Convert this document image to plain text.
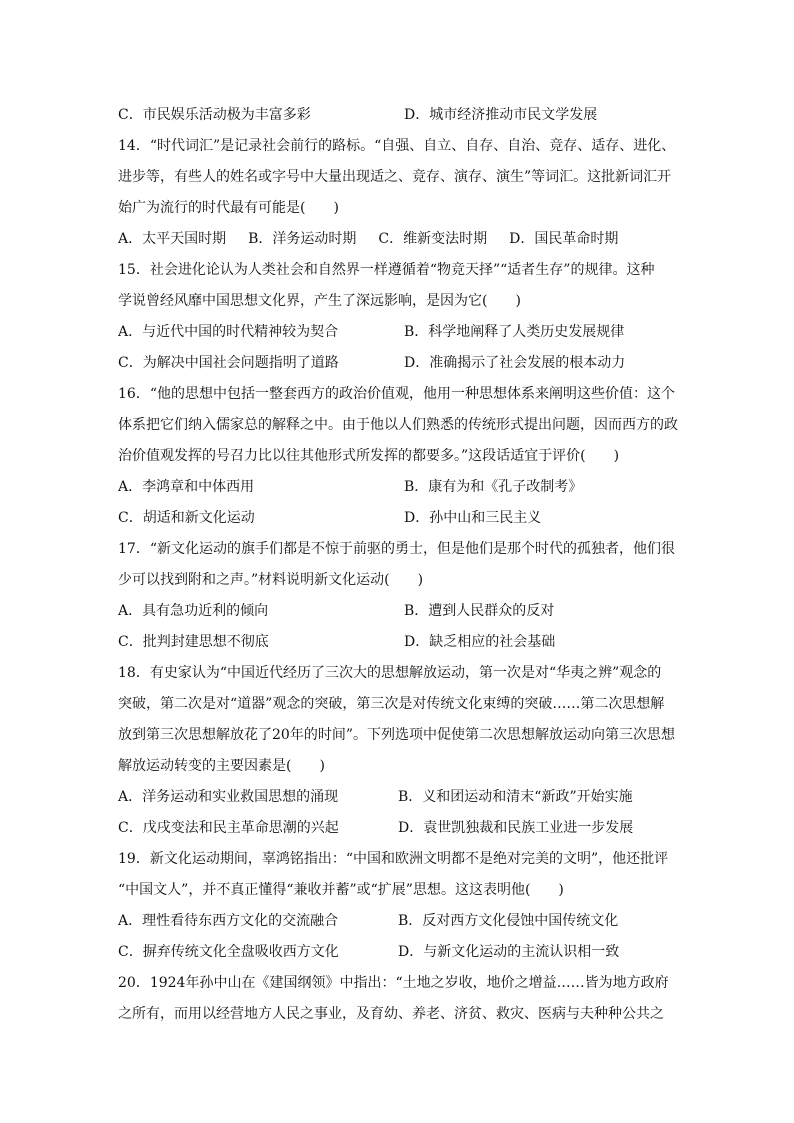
C．市民娱乐活动极为丰富多彩	D．城市经济推动市民文学发展
14．“时代词汇”是记录社会前行的路标。“自强、自立、自存、自治、竞存、适存、进化、
进步等，有些人的姓名或字号中大量出现适之、竞存、演存、演生”等词汇。这批新词汇开
始广为流行的时代最有可能是(　　)
A．太平天国时期 B．洋务运动时期 C．维新变法时期 D．国民革命时期
15．社会进化论认为人类社会和自然界一样遵循着“物竞天择”“适者生存”的规律。这种
学说曾经风靡中国思想文化界，产生了深远影响，是因为它(　　)
A．与近代中国的时代精神较为契合	B．科学地阐释了人类历史发展规律
C．为解决中国社会问题指明了道路	D．准确揭示了社会发展的根本动力
16．“他的思想中包括一整套西方的政治价值观，他用一种思想体系来阐明这些价值：这个
体系把它们纳入儒家总的解释之中。由于他以人们熟悉的传统形式提出问题，因而西方的政
治价值观发挥的号召力比以往其他形式所发挥的都要多。”这段话适宜于评价(　　)
A．李鸿章和中体西用	B．康有为和《孔子改制考》
C．胡适和新文化运动	D．孙中山和三民主义
17．“新文化运动的旗手们都是不惊于前驱的勇士，但是他们是那个时代的孤独者，他们很
少可以找到附和之声。”材料说明新文化运动(　　)
A．具有急功近利的倾向	B．遭到人民群众的反对
C．批判封建思想不彻底	D．缺乏相应的社会基础
18．有史家认为“中国近代经历了三次大的思想解放运动，第一次是对“华夷之辨”观念的
突破，第二次是对“道器”观念的突破，第三次是对传统文化束缚的突破……第二次思想解
放到第三次思想解放花了20年的时间”。下列选项中促使第二次思想解放运动向第三次思想
解放运动转变的主要因素是(　　)
A．洋务运动和实业救国思想的涌现	B．义和团运动和清末“新政”开始实施
C．戊戌变法和民主革命思潮的兴起	D．袁世凯独裁和民族工业进一步发展
19．新文化运动期间，辜鸿铭指出：“中国和欧洲文明都不是绝对完美的文明”，他还批评
“中国文人”，并不真正懂得“兼收并蓄”或“扩展”思想。这这表明他(　　)
A．理性看待东西方文化的交流融合	B．反对西方文化侵蚀中国传统文化
C．摒弃传统文化全盘吸收西方文化	D．与新文化运动的主流认识相一致
20．1924年孙中山在《建国纲领》中指出：“土地之岁收，地价之增益……皆为地方政府
之所有，而用以经营地方人民之事业，及育幼、养老、济贫、救灾、医病与夫种种公共之
